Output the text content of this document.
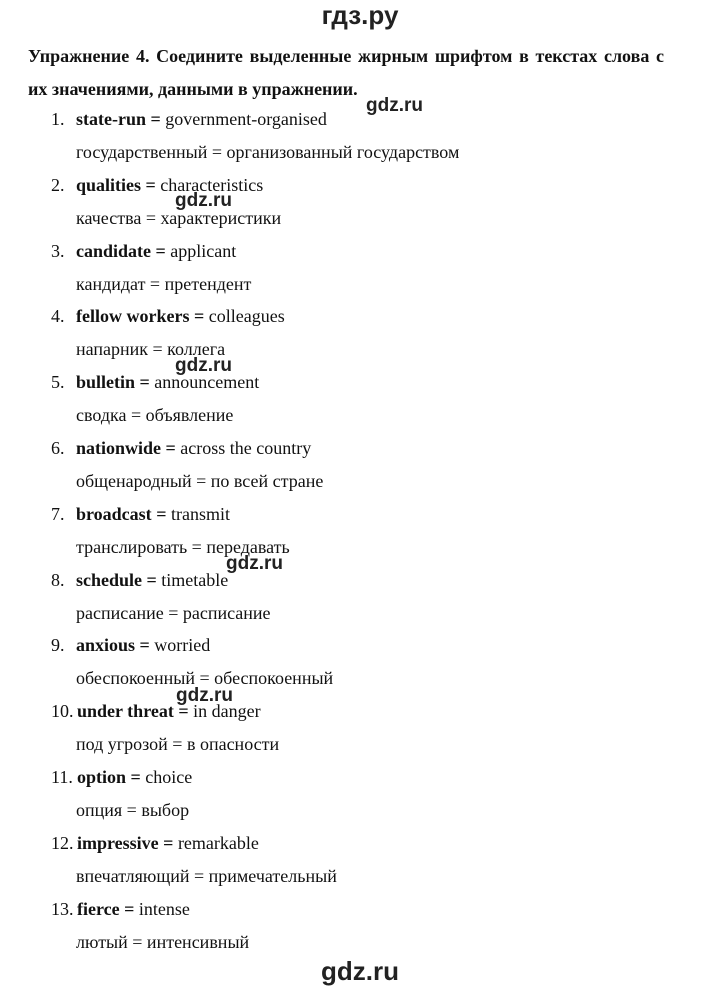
гдз.ру
Упражнение 4. Соедините выделенные жирным шрифтом в текстах слова с их значениями, данными в упражнении.
1. state-run = government-organised
государственный = организованный государством
2. qualities = characteristics
качества = характеристики
3. candidate = applicant
кандидат = претендент
4. fellow workers = colleagues
напарник = коллега
5. bulletin = announcement
сводка = объявление
6. nationwide = across the country
общенародный = по всей стране
7. broadcast = transmit
транслировать = передавать
8. schedule = timetable
расписание = расписание
9. anxious = worried
обеспокоенный = обеспокоенный
10. under threat = in danger
под угрозой = в опасности
11. option = choice
опция = выбор
12. impressive = remarkable
впечатляющий = примечательный
13. fierce = intense
лютый = интенсивный
gdz.ru
gdz.ru
gdz.ru
gdz.ru
gdz.ru
gdz.ru
